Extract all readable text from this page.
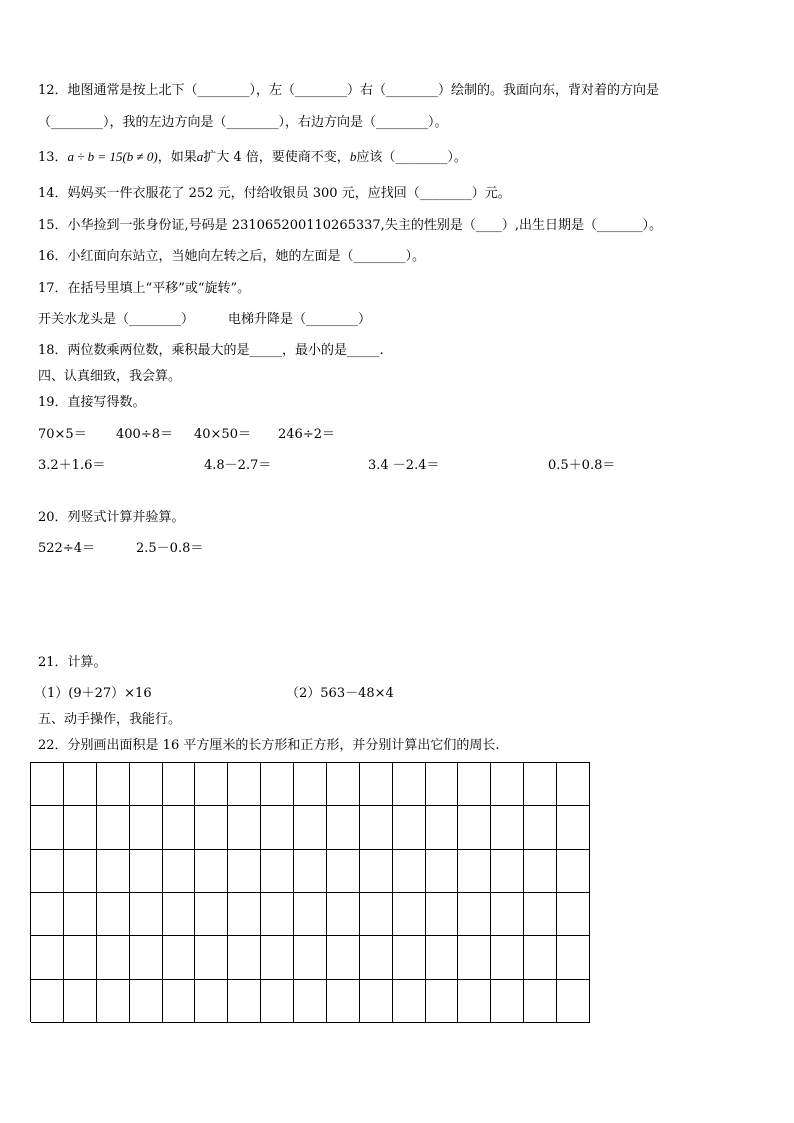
12．地图通常是按上北下（________），左（________）右（________）绘制的。我面向东，背对着的方向是
（________），我的左边方向是（________），右边方向是（________）。
13．a ÷ b = 15(b ≠ 0)，如果a扩大 4 倍，要使商不变，b应该（________）。
14．妈妈买一件衣服花了 252 元，付给收银员 300 元，应找回（________）元。
15．小华捡到一张身份证,号码是 231065200110265337,失主的性别是（____）,出生日期是（_______）。
16．小红面向东站立，当她向左转之后，她的左面是（________）。
17．在括号里填上“平移”或“旋转”。
开关水龙头是（________）	电梯升降是（________）
18．两位数乘两位数，乘积最大的是_____，最小的是_____.
四、认真细致，我会算。
19．直接写得数。
70×5＝ 400÷8＝ 40×50＝ 246÷2＝
3.2＋1.6＝	4.8－2.7＝	3.4 －2.4＝	0.5＋0.8＝
20．列竖式计算并验算。
522÷4＝	2.5－0.8＝
21．计算。
（1）(9＋27）×16	（2）563－48×4
五、动手操作，我能行。
22．分别画出面积是 16 平方厘米的长方形和正方形，并分别计算出它们的周长.
